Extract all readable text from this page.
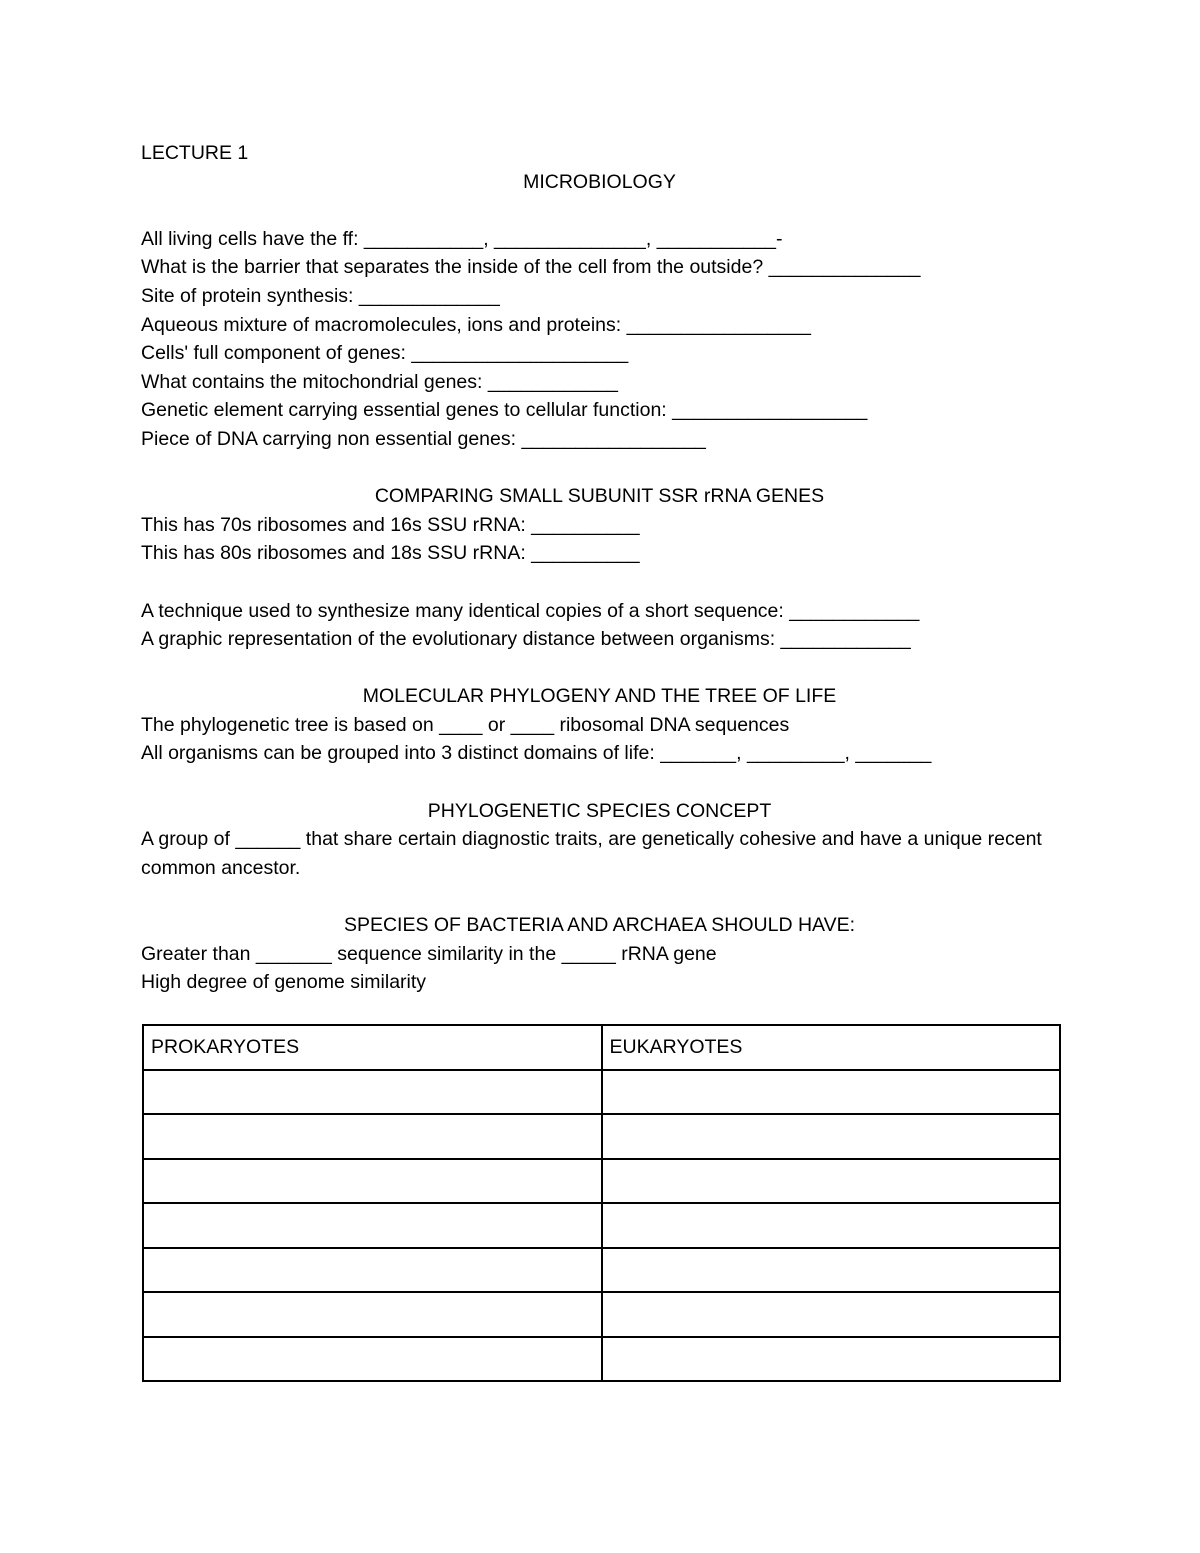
LECTURE 1
MICROBIOLOGY
All living cells have the ff: ___________, ______________, ___________-
What is the barrier that separates the inside of the cell from the outside? ______________
Site of protein synthesis: _____________
Aqueous mixture of macromolecules, ions and proteins: _________________
Cells' full component of genes: ____________________
What contains the mitochondrial genes: ____________
Genetic element carrying essential genes to cellular function: __________________
Piece of DNA carrying non essential genes: _________________
COMPARING SMALL SUBUNIT SSR rRNA GENES
This has 70s ribosomes and 16s SSU rRNA: __________
This has 80s ribosomes and 18s SSU rRNA: __________
A technique used to synthesize many identical copies of a short sequence: ____________
A graphic representation of the evolutionary distance between organisms: ____________
MOLECULAR PHYLOGENY AND THE TREE OF LIFE
The phylogenetic tree is based on ____ or ____ ribosomal DNA sequences
All organisms can be grouped into 3 distinct domains of life: _______, _________, _______
PHYLOGENETIC SPECIES CONCEPT
A group of ______ that share certain diagnostic traits, are genetically cohesive and have a unique recent common ancestor.
SPECIES OF BACTERIA AND ARCHAEA SHOULD HAVE:
Greater than _______ sequence similarity in the _____ rRNA gene
High degree of genome similarity
PROKARYOTES	EUKARYOTES
